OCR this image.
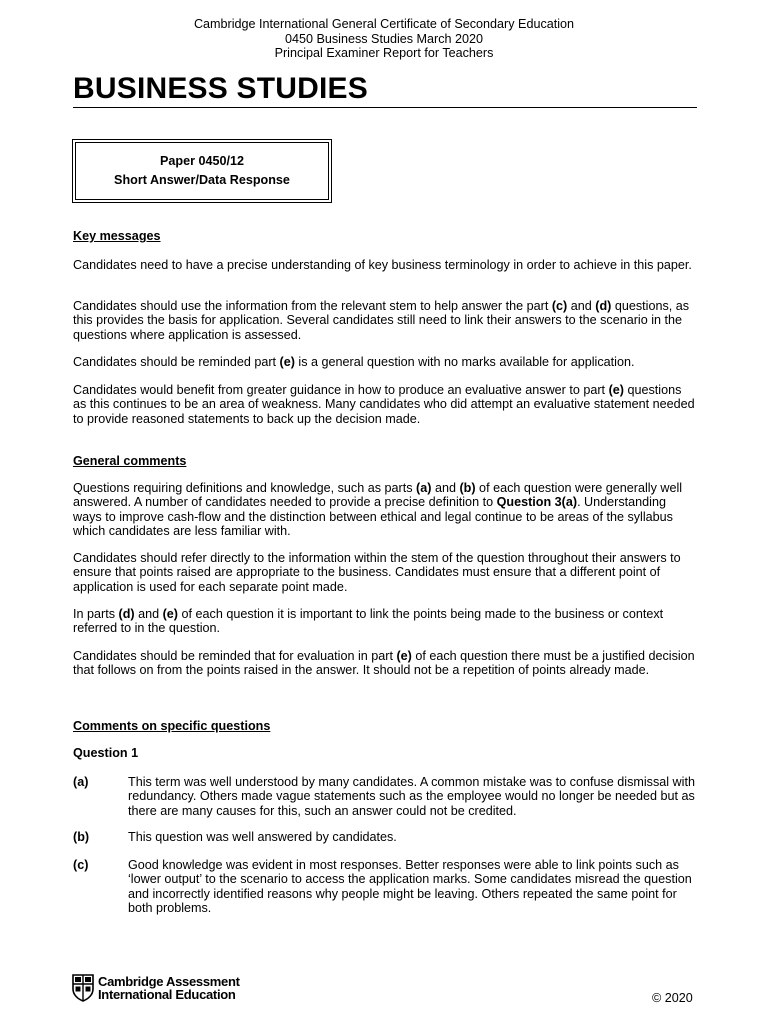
Cambridge International General Certificate of Secondary Education
0450 Business Studies March 2020
Principal Examiner Report for Teachers
BUSINESS STUDIES
Paper 0450/12
Short Answer/Data Response
Key messages

Candidates need to have a precise understanding of key business terminology in order to achieve in this paper.

Candidates should use the information from the relevant stem to help answer the part (c) and (d) questions, as this provides the basis for application. Several candidates still need to link their answers to the scenario in the questions where application is assessed.

Candidates should be reminded part (e) is a general question with no marks available for application.

Candidates would benefit from greater guidance in how to produce an evaluative answer to part (e) questions as this continues to be an area of weakness. Many candidates who did attempt an evaluative statement needed to provide reasoned statements to back up the decision made.

General comments

Questions requiring definitions and knowledge, such as parts (a) and (b) of each question were generally well answered. A number of candidates needed to provide a precise definition to Question 3(a). Understanding ways to improve cash-flow and the distinction between ethical and legal continue to be areas of the syllabus which candidates are less familiar with.

Candidates should refer directly to the information within the stem of the question throughout their answers to ensure that points raised are appropriate to the business. Candidates must ensure that a different point of application is used for each separate point made.

In parts (d) and (e) of each question it is important to link the points being made to the business or context referred to in the question.

Candidates should be reminded that for evaluation in part (e) of each question there must be a justified decision that follows on from the points raised in the answer. It should not be a repetition of points already made.

Comments on specific questions
Question 1
(a)	This term was well understood by many candidates. A common mistake was to confuse dismissal with redundancy. Others made vague statements such as the employee would no longer be needed but as there are many causes for this, such an answer could not be credited.
(b)	This question was well answered by candidates.
(c)	Good knowledge was evident in most responses. Better responses were able to link points such as ‘lower output’ to the scenario to access the application marks. Some candidates misread the question and incorrectly identified reasons why people might be leaving. Others repeated the same point for both problems.
Cambridge Assessment
International Education	© 2020
